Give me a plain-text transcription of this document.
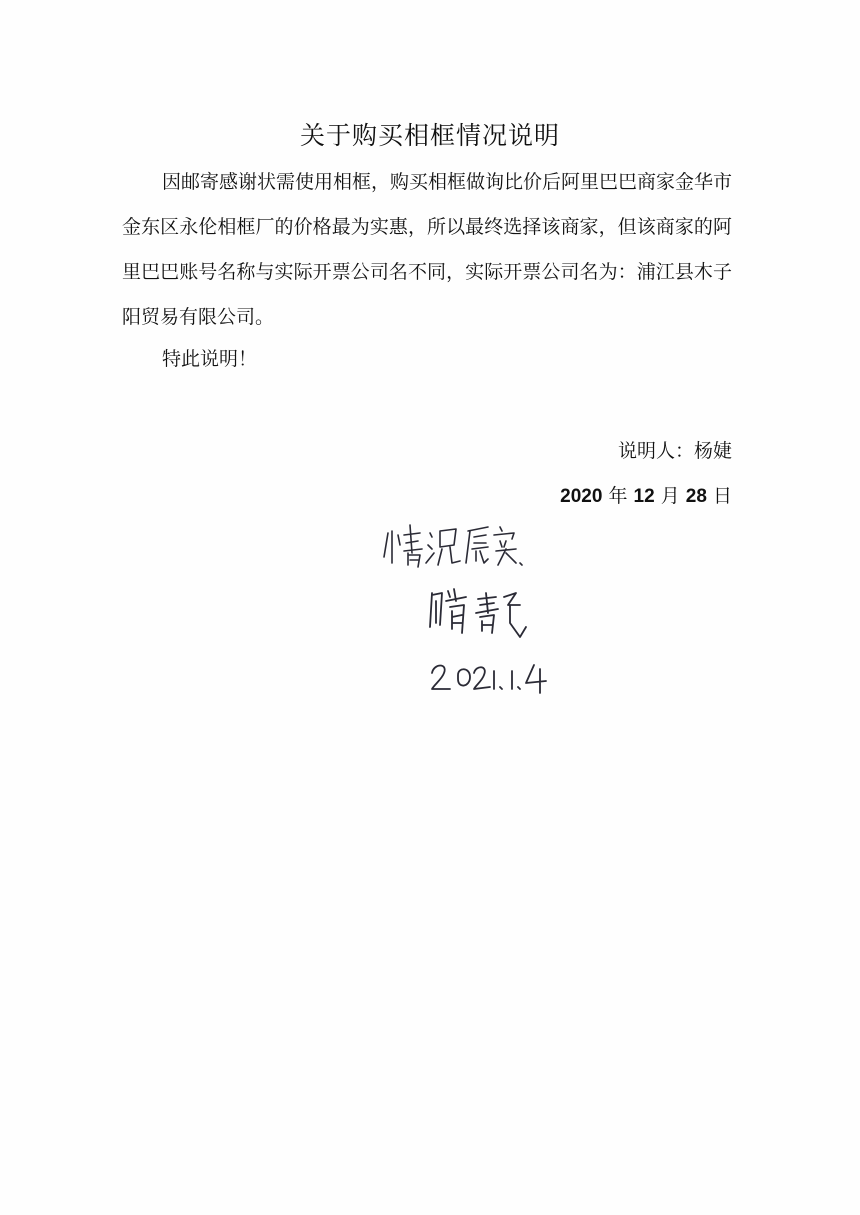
关于购买相框情况说明
因邮寄感谢状需使用相框，购买相框做询比价后阿里巴巴商家金华市金东区永伦相框厂的价格最为实惠，所以最终选择该商家，但该商家的阿里巴巴账号名称与实际开票公司名不同，实际开票公司名为：浦江县木子阳贸易有限公司。
特此说明！
说明人：杨婕
2020 年 12 月 28 日
